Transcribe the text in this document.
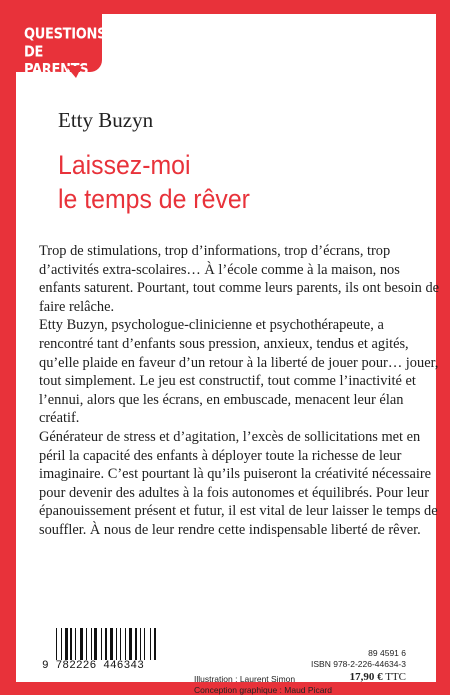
QUESTIONS
DE PARENTS
Etty Buzyn
Laissez-moi
le temps de rêver

Trop de stimulations, trop d’informations, trop d’écrans, trop d’activités extra-scolaires… À l’école comme à la maison, nos enfants saturent. Pourtant, tout comme leurs parents, ils ont besoin de faire relâche.

Etty Buzyn, psychologue-clinicienne et psychothérapeute, a rencontré tant d’enfants sous pression, anxieux, tendus et agités, qu’elle plaide en faveur d’un retour à la liberté de jouer pour… jouer, tout simplement. Le jeu est constructif, tout comme l’inactivité et l’ennui, alors que les écrans, en embuscade, menacent leur élan créatif.

Générateur de stress et d’agitation, l’excès de sollicitations met en péril la capacité des enfants à déployer toute la richesse de leur imaginaire. C’est pourtant là qu’ils puiseront la créativité nécessaire pour devenir des adultes à la fois autonomes et équilibrés. Pour leur épanouissement présent et futur, il est vital de leur laisser le temps de souffler. À nous de leur rendre cette indispensable liberté de rêver.

Illustration : Laurent Simon
Conception graphique : Maud Picard
89 4591 6
ISBN 978-2-226-44634-3
17,90 € TTC
9 782226 446343
